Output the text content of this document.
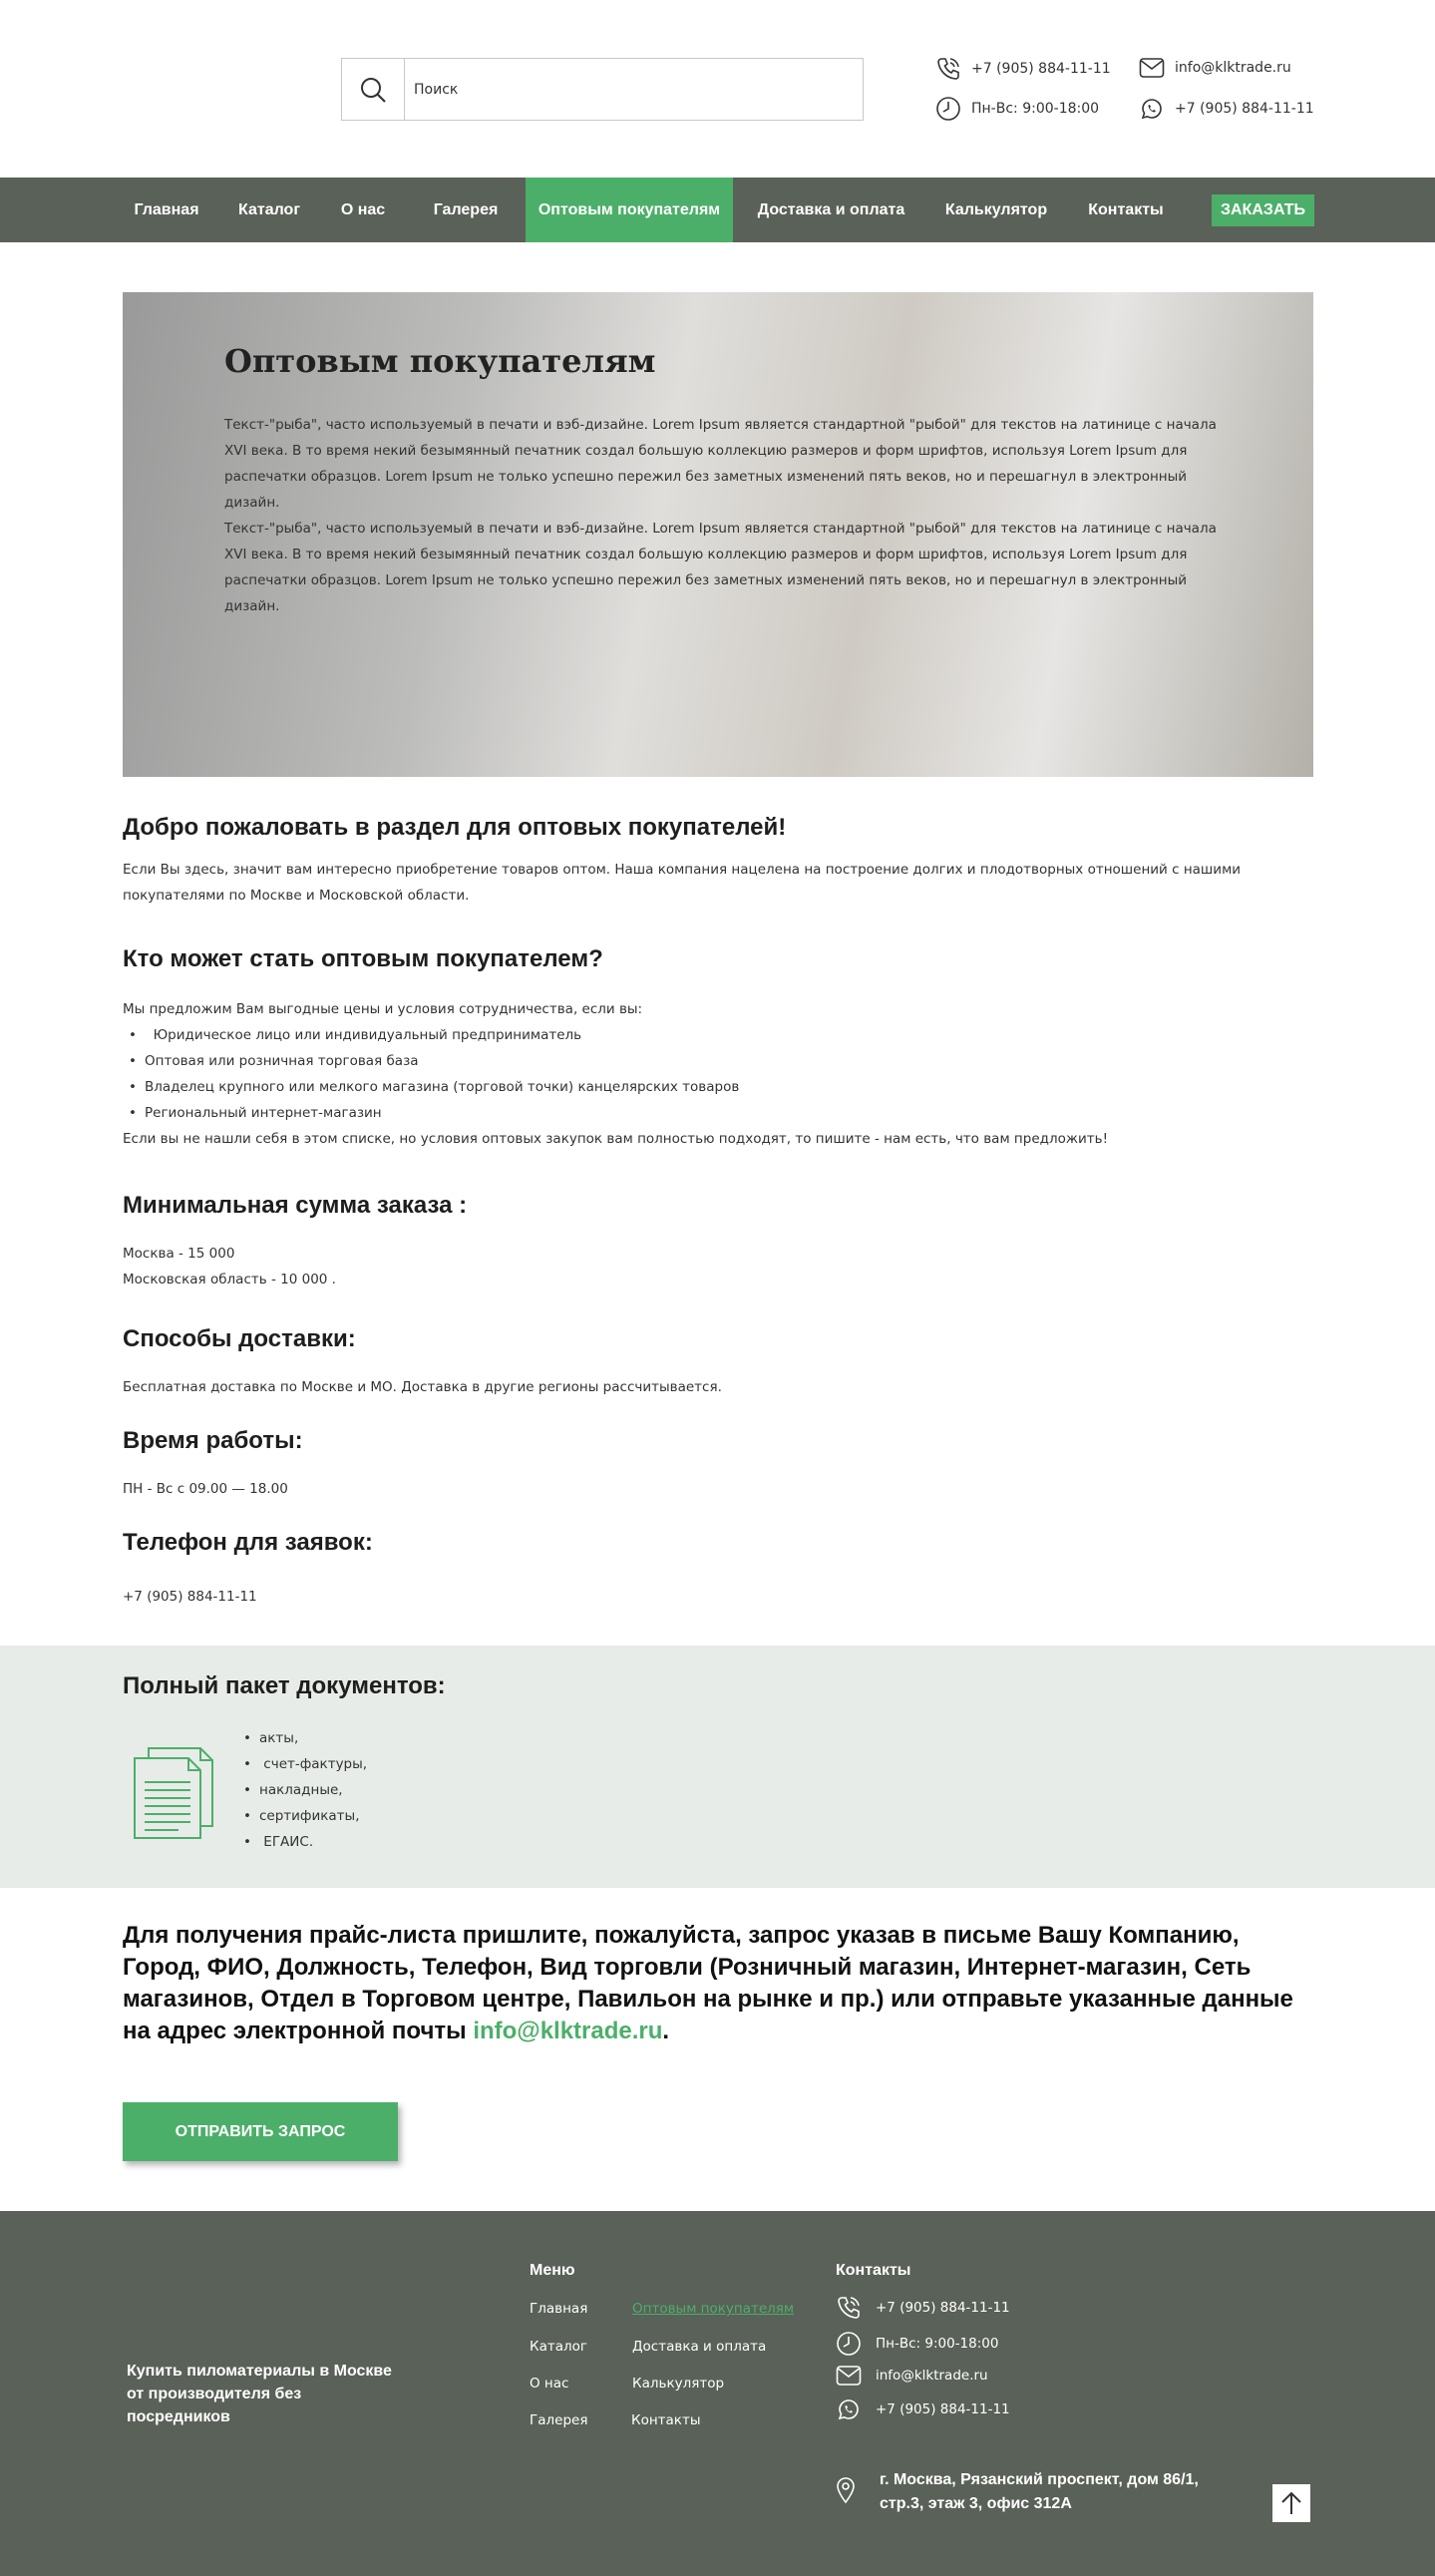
Поиск
+7 (905) 884-11-11
Пн-Вс: 9:00-18:00
info@klktrade.ru
+7 (905) 884-11-11
Главная	Каталог	О нас	Галерея	Оптовым покупателям	Доставка и оплата	Калькулятор	Контакты	ЗАКАЗАТЬ
Оптовым покупателям

Текст-"рыба", часто используемый в печати и вэб-дизайне. Lorem Ipsum является стандартной "рыбой" для текстов на латинице с начала XVI века. В то время некий безымянный печатник создал большую коллекцию размеров и форм шрифтов, используя Lorem Ipsum для распечатки образцов. Lorem Ipsum не только успешно пережил без заметных изменений пять веков, но и перешагнул в электронный дизайн.

Текст-"рыба", часто используемый в печати и вэб-дизайне. Lorem Ipsum является стандартной "рыбой" для текстов на латинице с начала XVI века. В то время некий безымянный печатник создал большую коллекцию размеров и форм шрифтов, используя Lorem Ipsum для распечатки образцов. Lorem Ipsum не только успешно пережил без заметных изменений пять веков, но и перешагнул в электронный дизайн.

Добро пожаловать в раздел для оптовых покупателей!
Если Вы здесь, значит вам интересно приобретение товаров оптом. Наша компания нацелена на построение долгих и плодотворных отношений с нашими покупателями по Москве и Московской области.
Кто может стать оптовым покупателем?
Мы предложим Вам выгодные цены и условия сотрудничества, если вы:
•   Юридическое лицо или индивидуальный предприниматель
• Оптовая или розничная торговая база
• Владелец крупного или мелкого магазина (торговой точки) канцелярских товаров
• Региональный интернет-магазин
Если вы не нашли себя в этом списке, но условия оптовых закупок вам полностью подходят, то пишите - нам есть, что вам предложить!
Минимальная сумма заказа :
Москва - 15 000
Московская область - 10 000 .
Способы доставки:
Бесплатная доставка по Москве и МО. Доставка в другие регионы рассчитывается.
Время работы:
ПН - Вс с 09.00 — 18.00
Телефон для заявок:
+7 (905) 884-11-11
Полный пакет документов:
• акты,
•  счет-фактуры,
• накладные,
• сертификаты,
•  ЕГАИС.
Для получения прайс-листа пришлите, пожалуйста, запрос указав в письме Вашу Компанию, Город, ФИО, Должность, Телефон, Вид торговли (Розничный магазин, Интернет-магазин, Сеть магазинов, Отдел в Торговом центре, Павильон на рынке и пр.) или отправьте указанные данные на адрес электронной почты info@klktrade.ru.
ОТПРАВИТЬ ЗАПРОС
Купить пиломатериалы в Москве от производителя без посредников
Меню
Главная	Оптовым покупателям
Каталог	Доставка и оплата
О нас	Калькулятор
Галерея	Контакты
Контакты
+7 (905) 884-11-11
Пн-Вс: 9:00-18:00
info@klktrade.ru
+7 (905) 884-11-11
г. Москва, Рязанский проспект, дом 86/1, стр.3, этаж 3, офис 312А
